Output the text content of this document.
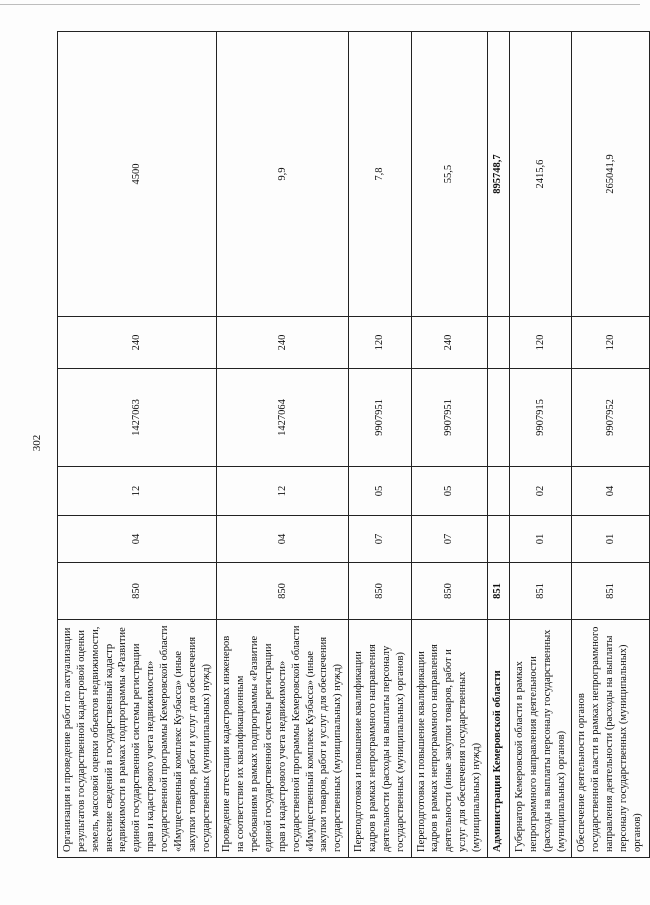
302
Организация и проведение работ по актуализации результатов государственной кадастровой оценки земель, массовой оценки объектов недвижимости, внесение сведений в государственный кадастр недвижимости в рамках подпрограммы «Развитие единой государственной системы регистрации прав и кадастрового учета недвижимости» государственной программы Кемеровской области «Имущественный комплекс Кузбасса» (иные закупки товаров, работ и услуг для обеспечения государственных (муниципальных) нужд)	850	04	12	1427063	240	4500
Проведение аттестации кадастровых инженеров на соответствие их квалификационным требованиям в рамках подпрограммы «Развитие единой государственной системы регистрации прав и кадастрового учета недвижимости» государственной программы Кемеровской области «Имущественный комплекс Кузбасса» (иные закупки товаров, работ и услуг для обеспечения государственных (муниципальных) нужд)	850	04	12	1427064	240	9,9
Переподготовка и повышение квалификации кадров в рамках непрограммного направления деятельности (расходы на выплаты персоналу государственных (муниципальных) органов)	850	07	05	9907951	120	7,8
Переподготовка и повышение квалификации кадров в рамках непрограммного направления деятельности (иные закупки товаров, работ и услуг для обеспечения государственных (муниципальных) нужд)	850	07	05	9907951	240	55,5
Администрация Кемеровской области	851					895748,7
Губернатор Кемеровской области в рамках непрограммного направления деятельности (расходы на выплаты персоналу государственных (муниципальных) органов)	851	01	02	9907915	120	2415,6
Обеспечение деятельности органов государственной власти в рамках непрограммного направления деятельности (расходы на выплаты персоналу государственных (муниципальных) органов)	851	01	04	9907952	120	265041,9
